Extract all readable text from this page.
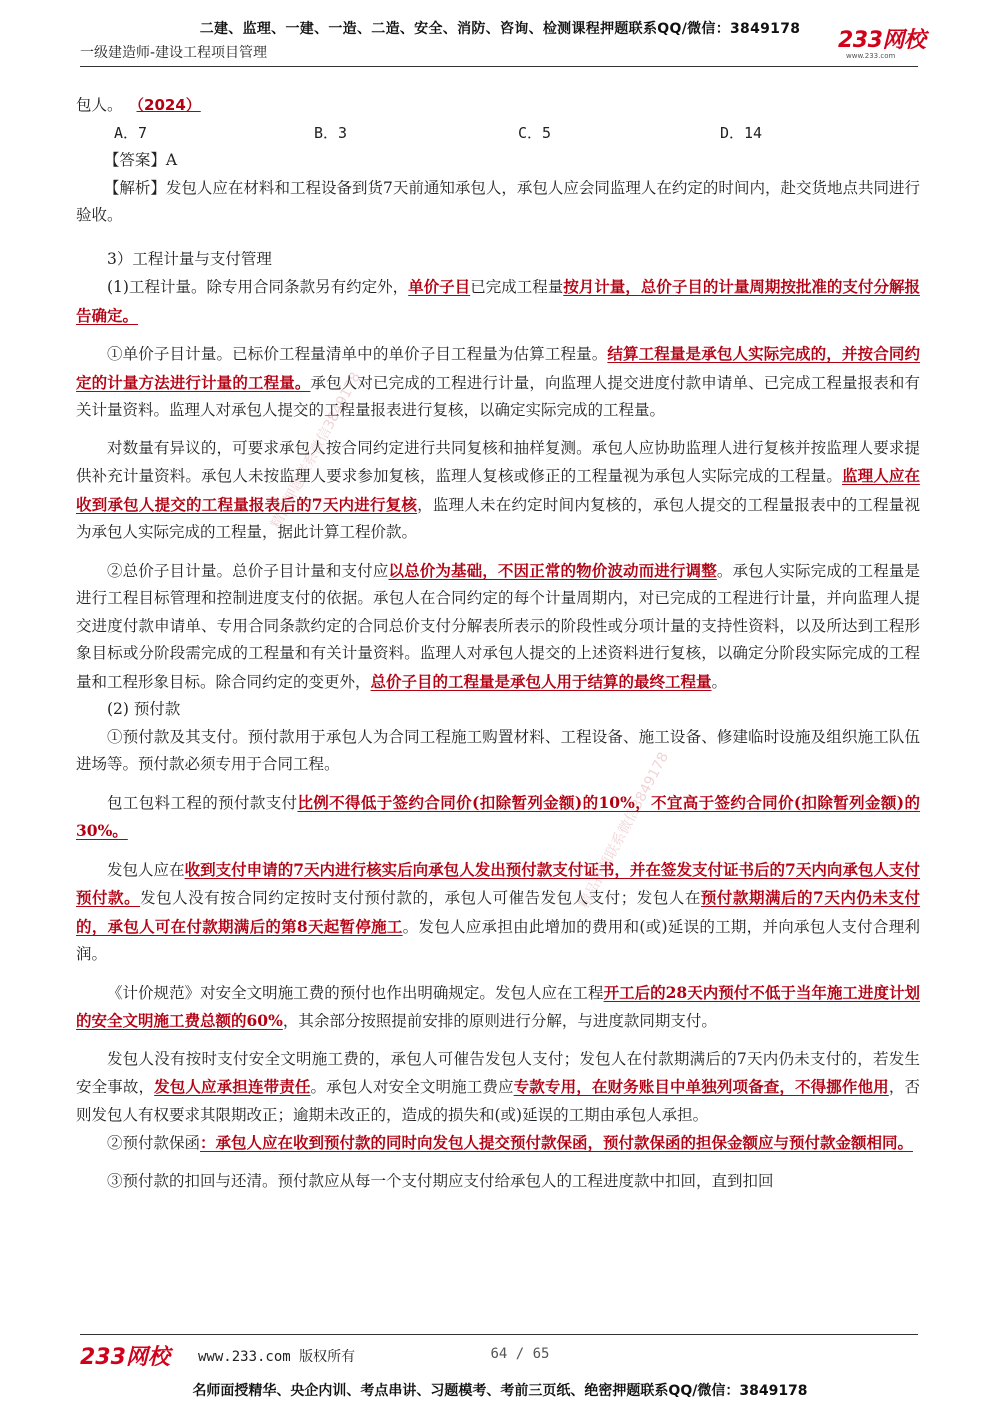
二建、监理、一建、一造、二造、安全、消防、咨询、检测课程押题联系QQ/微信：3849178
一级建造师-建设工程项目管理	233网校
www.233.com
精品押题联系微信3849178
精品押题联系微信3849178

包人。 （2024）

A．7	B．3	C．5	D．14

【答案】A

【解析】发包人应在材料和工程设备到货7天前通知承包人，承包人应会同监理人在约定的时间内，赴交货地点共同进行验收。

3）工程计量与支付管理

(1)工程计量。除专用合同条款另有约定外，单价子目已完成工程量按月计量，总价子目的计量周期按批准的支付分解报告确定。

①单价子目计量。已标价工程量清单中的单价子目工程量为估算工程量。结算工程量是承包人实际完成的，并按合同约定的计量方法进行计量的工程量。承包人对已完成的工程进行计量，向监理人提交进度付款申请单、已完成工程量报表和有关计量资料。监理人对承包人提交的工程量报表进行复核，以确定实际完成的工程量。

对数量有异议的，可要求承包人按合同约定进行共同复核和抽样复测。承包人应协助监理人进行复核并按监理人要求提供补充计量资料。承包人未按监理人要求参加复核，监理人复核或修正的工程量视为承包人实际完成的工程量。监理人应在收到承包人提交的工程量报表后的7天内进行复核，监理人未在约定时间内复核的，承包人提交的工程量报表中的工程量视为承包人实际完成的工程量，据此计算工程价款。

②总价子目计量。总价子目计量和支付应以总价为基础，不因正常的物价波动而进行调整。承包人实际完成的工程量是进行工程目标管理和控制进度支付的依据。承包人在合同约定的每个计量周期内，对已完成的工程进行计量，并向监理人提交进度付款申请单、专用合同条款约定的合同总价支付分解表所表示的阶段性或分项计量的支持性资料，以及所达到工程形象目标或分阶段需完成的工程量和有关计量资料。监理人对承包人提交的上述资料进行复核，以确定分阶段实际完成的工程量和工程形象目标。除合同约定的变更外，总价子目的工程量是承包人用于结算的最终工程量。

(2) 预付款

①预付款及其支付。预付款用于承包人为合同工程施工购置材料、工程设备、施工设备、修建临时设施及组织施工队伍进场等。预付款必须专用于合同工程。

包工包料工程的预付款支付比例不得低于签约合同价(扣除暂列金额)的10%，不宜高于签约合同价(扣除暂列金额)的30%。

发包人应在收到支付申请的7天内进行核实后向承包人发出预付款支付证书，并在签发支付证书后的7天内向承包人支付预付款。发包人没有按合同约定按时支付预付款的，承包人可催告发包人支付；发包人在预付款期满后的7天内仍未支付的，承包人可在付款期满后的第8天起暂停施工。发包人应承担由此增加的费用和(或)延误的工期，并向承包人支付合理利润。

《计价规范》对安全文明施工费的预付也作出明确规定。发包人应在工程开工后的28天内预付不低于当年施工进度计划的安全文明施工费总额的60%，其余部分按照提前安排的原则进行分解，与进度款同期支付。

发包人没有按时支付安全文明施工费的，承包人可催告发包人支付；发包人在付款期满后的7天内仍未支付的，若发生安全事故，发包人应承担连带责任。承包人对安全文明施工费应专款专用，在财务账目中单独列项备查，不得挪作他用，否则发包人有权要求其限期改正；逾期未改正的，造成的损失和(或)延误的工期由承包人承担。

②预付款保函：承包人应在收到预付款的同时向发包人提交预付款保函，预付款保函的担保金额应与预付款金额相同。

③预付款的扣回与还清。预付款应从每一个支付期应支付给承包人的工程进度款中扣回，直到扣回

233网校 www.233.com 版权所有	64 / 65
名师面授精华、央企内训、考点串讲、习题模考、考前三页纸、绝密押题联系QQ/微信：3849178
